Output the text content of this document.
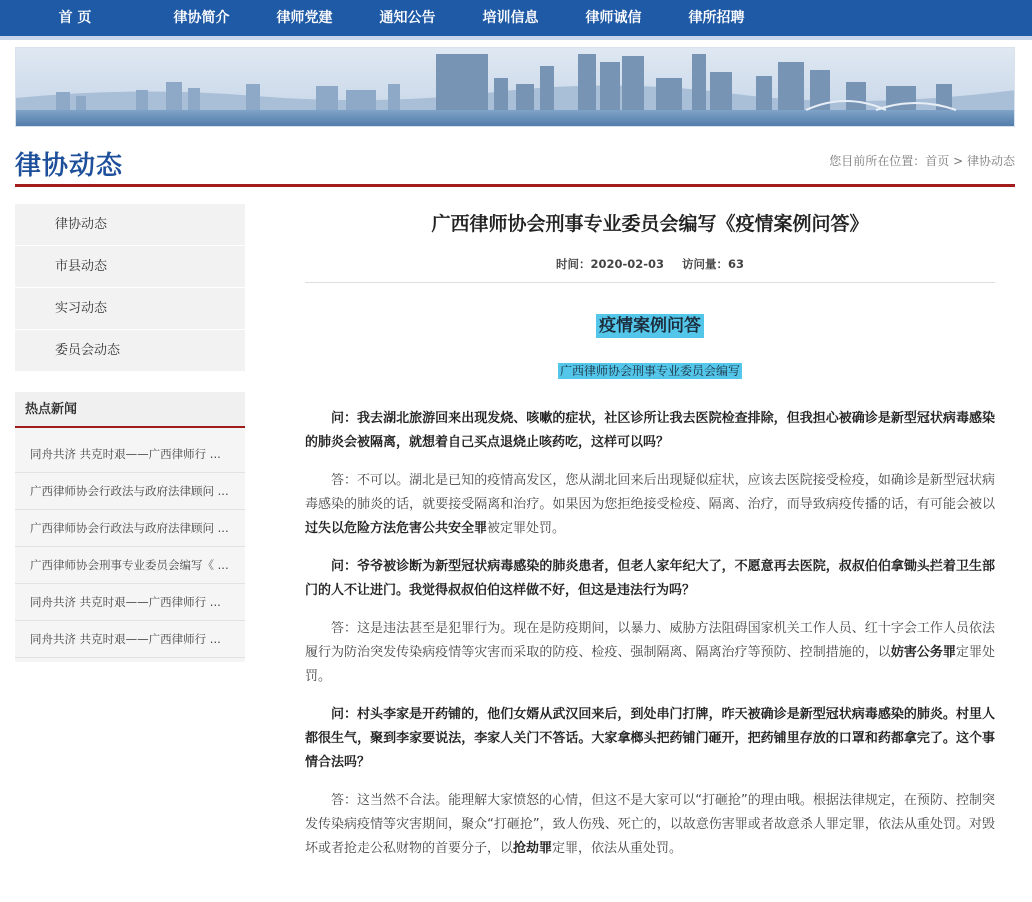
首 页	律协简介	律师党建	通知公告	培训信息	律师诚信	律所招聘
律协动态	您目前所在位置：首页 > 律协动态
律协动态
市县动态
实习动态
委员会动态
热点新闻
同舟共济 共克时艰——广西律师行 ...
广西律师协会行政法与政府法律顾问 ...
广西律师协会行政法与政府法律顾问 ...
广西律师协会刑事专业委员会编写《 ...
同舟共济 共克时艰——广西律师行 ...
同舟共济 共克时艰——广西律师行 ...
广西律师协会刑事专业委员会编写《疫情案例问答》
时间：2020-02-03 访问量：63
疫情案例问答
广西律师协会刑事专业委员会编写

问：我去湖北旅游回来出现发烧、咳嗽的症状，社区诊所让我去医院检查排除，但我担心被确诊是新型冠状病毒感染的肺炎会被隔离，就想着自己买点退烧止咳药吃，这样可以吗？

答：不可以。湖北是已知的疫情高发区，您从湖北回来后出现疑似症状，应该去医院接受检疫，如确诊是新型冠状病毒感染的肺炎的话，就要接受隔离和治疗。如果因为您拒绝接受检疫、隔离、治疗，而导致病疫传播的话，有可能会被以过失以危险方法危害公共安全罪被定罪处罚。

问：爷爷被诊断为新型冠状病毒感染的肺炎患者，但老人家年纪大了，不愿意再去医院，叔叔伯伯拿锄头拦着卫生部门的人不让进门。我觉得叔叔伯伯这样做不好，但这是违法行为吗？

答：这是违法甚至是犯罪行为。现在是防疫期间，以暴力、威胁方法阻碍国家机关工作人员、红十字会工作人员依法履行为防治突发传染病疫情等灾害而采取的防疫、检疫、强制隔离、隔离治疗等预防、控制措施的，以妨害公务罪定罪处罚。

问：村头李家是开药铺的，他们女婿从武汉回来后，到处串门打牌，昨天被确诊是新型冠状病毒感染的肺炎。村里人都很生气，聚到李家要说法，李家人关门不答话。大家拿榔头把药铺门砸开，把药铺里存放的口罩和药都拿完了。这个事情合法吗？

答：这当然不合法。能理解大家愤怒的心情，但这不是大家可以“打砸抢”的理由哦。根据法律规定，在预防、控制突发传染病疫情等灾害期间，聚众“打砸抢”，致人伤残、死亡的，以故意伤害罪或者故意杀人罪定罪，依法从重处罚。对毁坏或者抢走公私财物的首要分子，以抢劫罪定罪，依法从重处罚。
